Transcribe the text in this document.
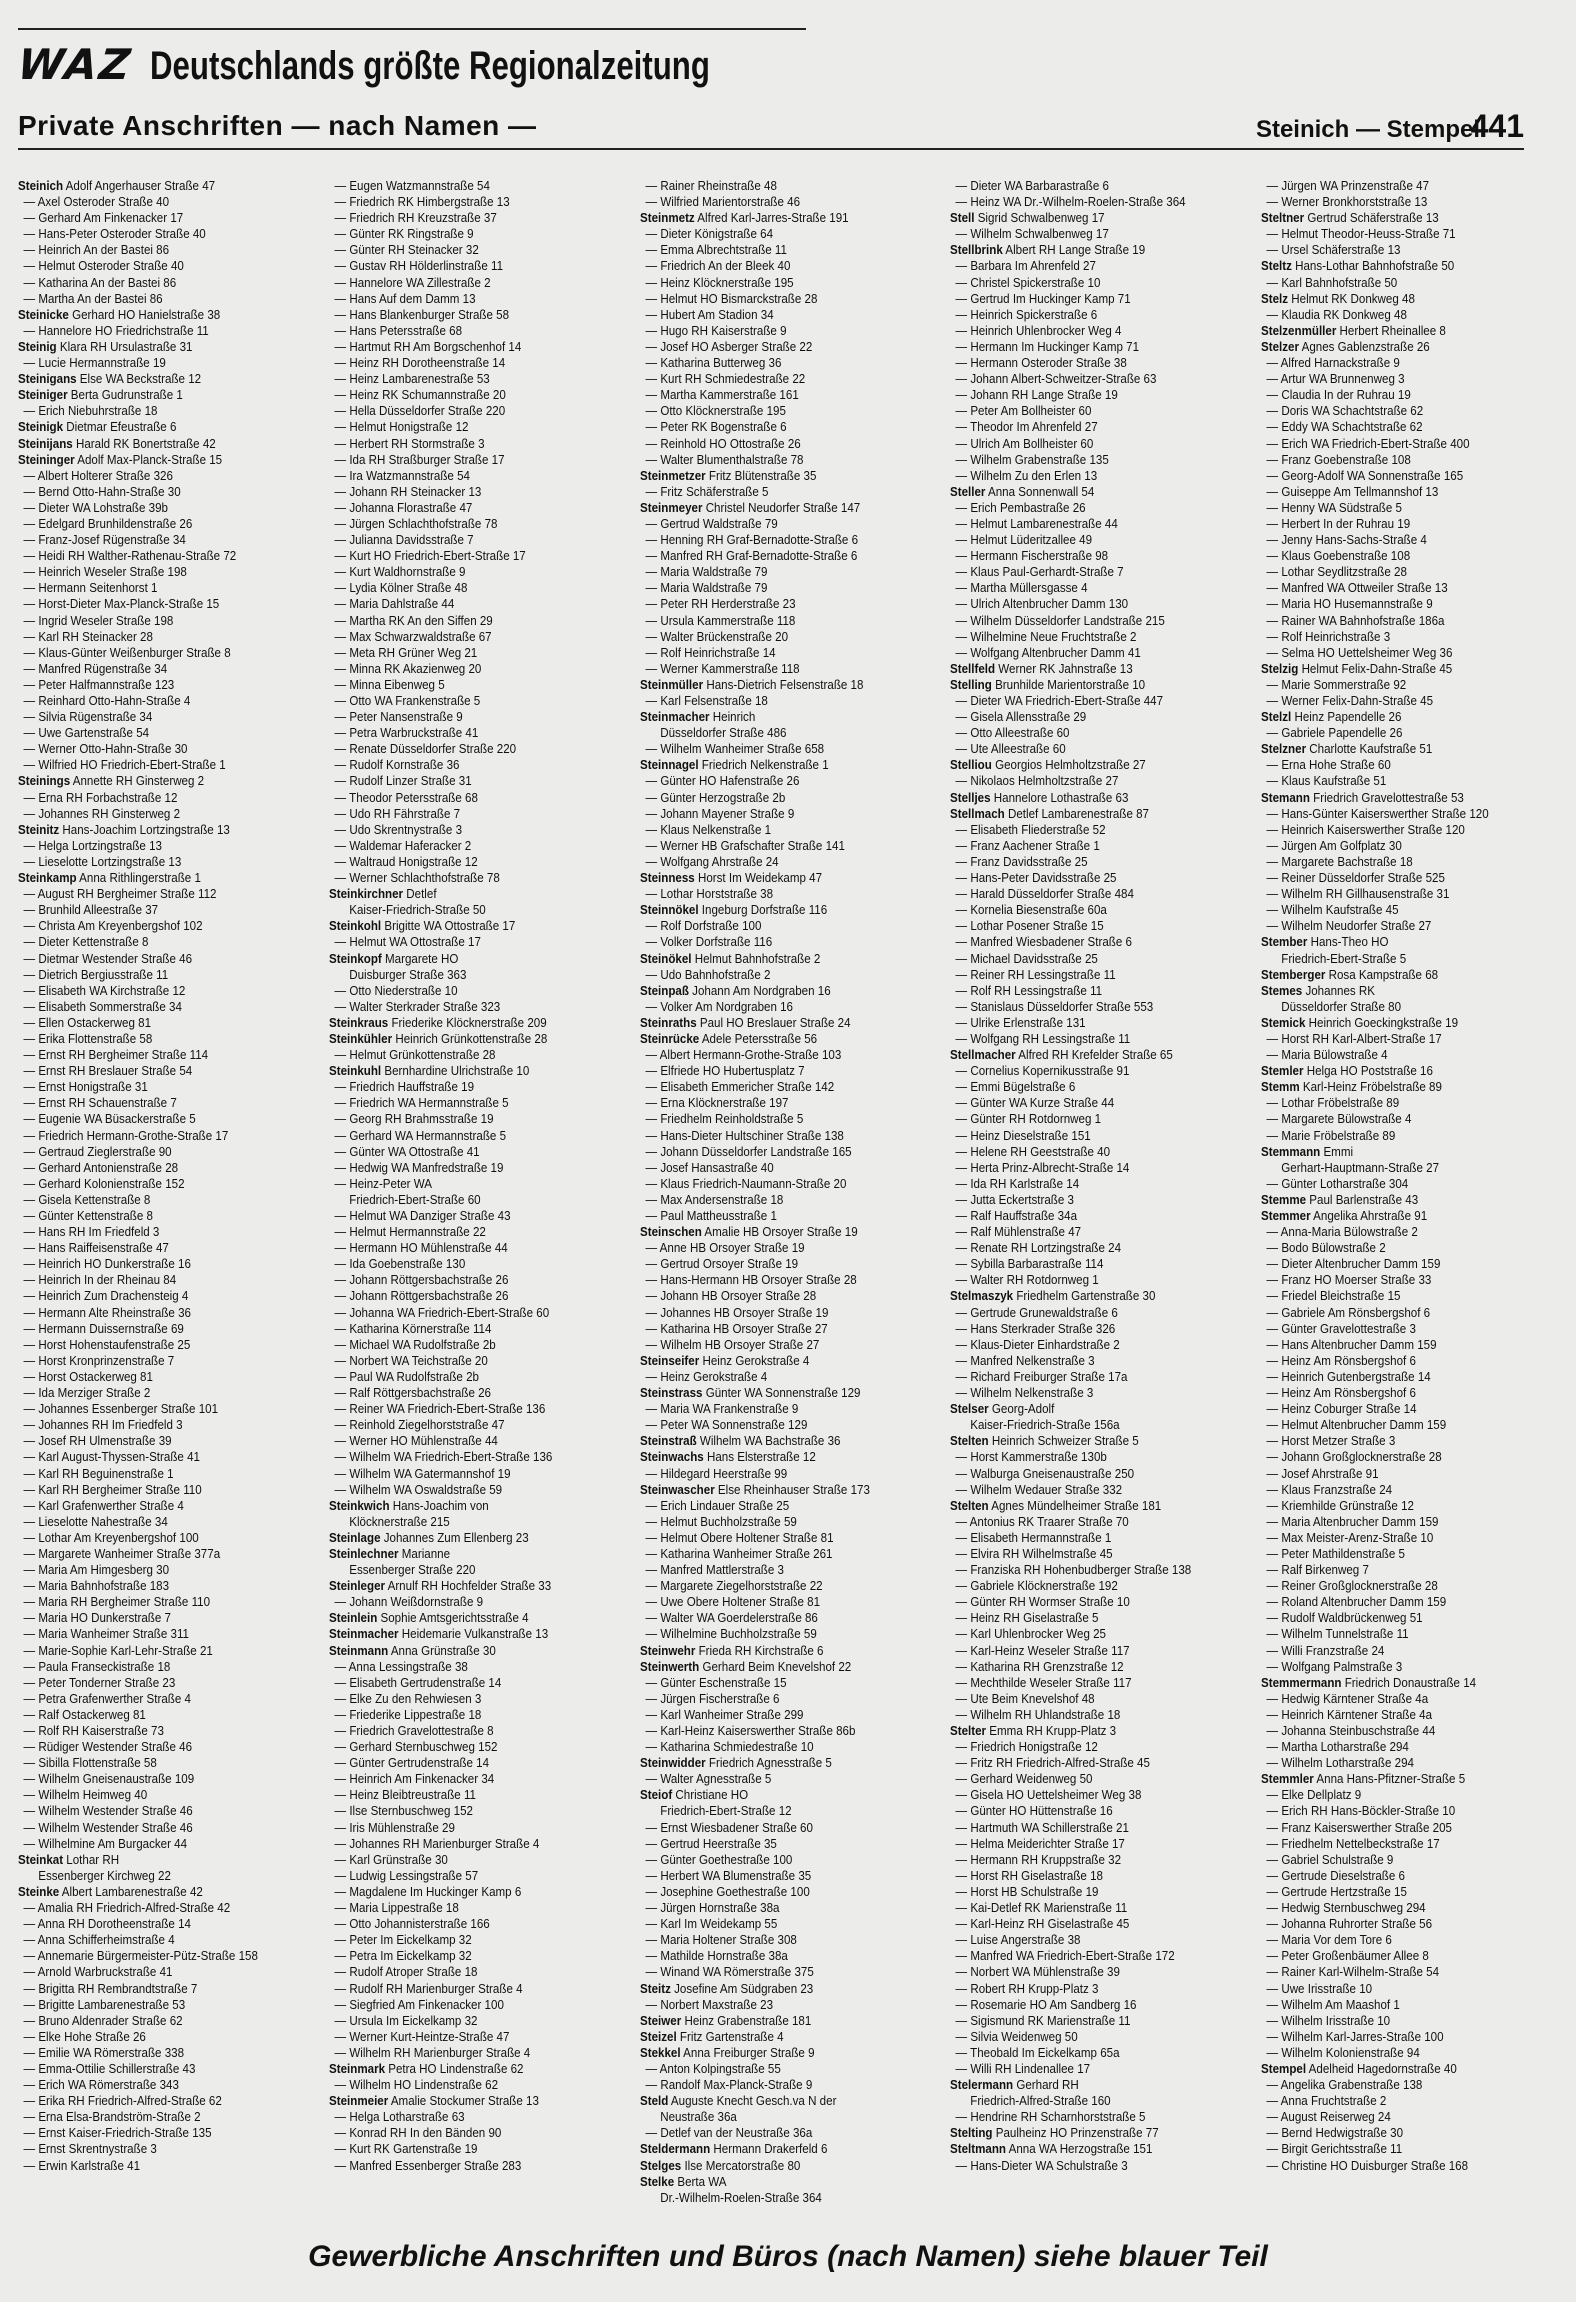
WAZ Deutschlands größte Regionalzeitung
Private Anschriften — nach Namen —	Steinich — Stempel
441
Steinich Adolf Angerhauser Straße 47
— Axel Osteroder Straße 40
— Gerhard Am Finkenacker 17
— Hans-Peter Osteroder Straße 40
— Heinrich An der Bastei 86
— Helmut Osteroder Straße 40
— Katharina An der Bastei 86
— Martha An der Bastei 86
Steinicke Gerhard HO Hanielstraße 38
— Hannelore HO Friedrichstraße 11
Steinig Klara RH Ursulastraße 31
— Lucie Hermannstraße 19
Steinigans Else WA Beckstraße 12
Steiniger Berta Gudrunstraße 1
— Erich Niebuhrstraße 18
Steinigk Dietmar Efeustraße 6
Steinijans Harald RK Bonertstraße 42
Steininger Adolf Max-Planck-Straße 15
— Albert Holterer Straße 326
— Bernd Otto-Hahn-Straße 30
— Dieter WA Lohstraße 39b
— Edelgard Brunhildenstraße 26
— Franz-Josef Rügenstraße 34
— Heidi RH Walther-Rathenau-Straße 72
— Heinrich Weseler Straße 198
— Hermann Seitenhorst 1
— Horst-Dieter Max-Planck-Straße 15
— Ingrid Weseler Straße 198
— Karl RH Steinacker 28
— Klaus-Günter Weißenburger Straße 8
— Manfred Rügenstraße 34
— Peter Halfmannstraße 123
— Reinhard Otto-Hahn-Straße 4
— Silvia Rügenstraße 34
— Uwe Gartenstraße 54
— Werner Otto-Hahn-Straße 30
— Wilfried HO Friedrich-Ebert-Straße 1
Steinings Annette RH Ginsterweg 2
— Erna RH Forbachstraße 12
— Johannes RH Ginsterweg 2
Steinitz Hans-Joachim Lortzingstraße 13
— Helga Lortzingstraße 13
— Lieselotte Lortzingstraße 13
Steinkamp Anna Rithlingerstraße 1
— August RH Bergheimer Straße 112
— Brunhild Alleestraße 37
— Christa Am Kreyenbergshof 102
— Dieter Kettenstraße 8
— Dietmar Westender Straße 46
— Dietrich Bergiusstraße 11
— Elisabeth WA Kirchstraße 12
— Elisabeth Sommerstraße 34
— Ellen Ostackerweg 81
— Erika Flottenstraße 58
— Ernst RH Bergheimer Straße 114
— Ernst RH Breslauer Straße 54
— Ernst Honigstraße 31
— Ernst RH Schauenstraße 7
— Eugenie WA Büsackerstraße 5
— Friedrich Hermann-Grothe-Straße 17
— Gertraud Zieglerstraße 90
— Gerhard Antonienstraße 28
— Gerhard Kolonienstraße 152
— Gisela Kettenstraße 8
— Günter Kettenstraße 8
— Hans RH Im Friedfeld 3
— Hans Raiffeisenstraße 47
— Heinrich HO Dunkerstraße 16
— Heinrich In der Rheinau 84
— Heinrich Zum Drachensteig 4
— Hermann Alte Rheinstraße 36
— Hermann Duissernstraße 69
— Horst Hohenstaufenstraße 25
— Horst Kronprinzenstraße 7
— Horst Ostackerweg 81
— Ida Merziger Straße 2
— Johannes Essenberger Straße 101
— Johannes RH Im Friedfeld 3
— Josef RH Ulmenstraße 39
— Karl August-Thyssen-Straße 41
— Karl RH Beguinenstraße 1
— Karl RH Bergheimer Straße 110
— Karl Grafenwerther Straße 4
— Lieselotte Nahestraße 34
— Lothar Am Kreyenbergshof 100
— Margarete Wanheimer Straße 377a
— Maria Am Himgesberg 30
— Maria Bahnhofstraße 183
— Maria RH Bergheimer Straße 110
— Maria HO Dunkerstraße 7
— Maria Wanheimer Straße 311
— Marie-Sophie Karl-Lehr-Straße 21
— Paula Franseckistraße 18
— Peter Tonderner Straße 23
— Petra Grafenwerther Straße 4
— Ralf Ostackerweg 81
— Rolf RH Kaiserstraße 73
— Rüdiger Westender Straße 46
— Sibilla Flottenstraße 58
— Wilhelm Gneisenaustraße 109
— Wilhelm Heimweg 40
— Wilhelm Westender Straße 46
— Wilhelm Westender Straße 46
— Wilhelmine Am Burgacker 44
Steinkat Lothar RH
Essenberger Kirchweg 22
Steinke Albert Lambarenestraße 42
— Amalia RH Friedrich-Alfred-Straße 42
— Anna RH Dorotheenstraße 14
— Anna Schifferheimstraße 4
— Annemarie Bürgermeister-Pütz-Straße 158
— Arnold Warbruckstraße 41
— Brigitta RH Rembrandtstraße 7
— Brigitte Lambarenestraße 53
— Bruno Aldenrader Straße 62
— Elke Hohe Straße 26
— Emilie WA Römerstraße 338
— Emma-Ottilie Schillerstraße 43
— Erich WA Römerstraße 343
— Erika RH Friedrich-Alfred-Straße 62
— Erna Elsa-Brandström-Straße 2
— Ernst Kaiser-Friedrich-Straße 135
— Ernst Skrentnystraße 3
— Erwin Karlstraße 41
— Eugen Watzmannstraße 54
— Friedrich RK Himbergstraße 13
— Friedrich RH Kreuzstraße 37
— Günter RK Ringstraße 9
— Günter RH Steinacker 32
— Gustav RH Hölderlinstraße 11
— Hannelore WA Zillestraße 2
— Hans Auf dem Damm 13
— Hans Blankenburger Straße 58
— Hans Petersstraße 68
— Hartmut RH Am Borgschenhof 14
— Heinz RH Dorotheenstraße 14
— Heinz Lambarenestraße 53
— Heinz RK Schumannstraße 20
— Hella Düsseldorfer Straße 220
— Helmut Honigstraße 12
— Herbert RH Stormstraße 3
— Ida RH Straßburger Straße 17
— Ira Watzmannstraße 54
— Johann RH Steinacker 13
— Johanna Florastraße 47
— Jürgen Schlachthofstraße 78
— Julianna Davidsstraße 7
— Kurt HO Friedrich-Ebert-Straße 17
— Kurt Waldhornstraße 9
— Lydia Kölner Straße 48
— Maria Dahlstraße 44
— Martha RK An den Siffen 29
— Max Schwarzwaldstraße 67
— Meta RH Grüner Weg 21
— Minna RK Akazienweg 20
— Minna Eibenweg 5
— Otto WA Frankenstraße 5
— Peter Nansenstraße 9
— Petra Warbruckstraße 41
— Renate Düsseldorfer Straße 220
— Rudolf Kornstraße 36
— Rudolf Linzer Straße 31
— Theodor Petersstraße 68
— Udo RH Fährstraße 7
— Udo Skrentnystraße 3
— Waldemar Haferacker 2
— Waltraud Honigstraße 12
— Werner Schlachthofstraße 78
Steinkirchner Detlef
Kaiser-Friedrich-Straße 50
Steinkohl Brigitte WA Ottostraße 17
— Helmut WA Ottostraße 17
Steinkopf Margarete HO
Duisburger Straße 363
— Otto Niederstraße 10
— Walter Sterkrader Straße 323
Steinkraus Friederike Klöcknerstraße 209
Steinkühler Heinrich Grünkottenstraße 28
— Helmut Grünkottenstraße 28
Steinkuhl Bernhardine Ulrichstraße 10
— Friedrich Hauffstraße 19
— Friedrich WA Hermannstraße 5
— Georg RH Brahmsstraße 19
— Gerhard WA Hermannstraße 5
— Günter WA Ottostraße 41
— Hedwig WA Manfredstraße 19
— Heinz-Peter WA
Friedrich-Ebert-Straße 60
— Helmut WA Danziger Straße 43
— Helmut Hermannstraße 22
— Hermann HO Mühlenstraße 44
— Ida Goebenstraße 130
— Johann Röttgersbachstraße 26
— Johann Röttgersbachstraße 26
— Johanna WA Friedrich-Ebert-Straße 60
— Katharina Körnerstraße 114
— Michael WA Rudolfstraße 2b
— Norbert WA Teichstraße 20
— Paul WA Rudolfstraße 2b
— Ralf Röttgersbachstraße 26
— Reiner WA Friedrich-Ebert-Straße 136
— Reinhold Ziegelhorststraße 47
— Werner HO Mühlenstraße 44
— Wilhelm WA Friedrich-Ebert-Straße 136
— Wilhelm WA Gatermannshof 19
— Wilhelm WA Oswaldstraße 59
Steinkwich Hans-Joachim von
Klöcknerstraße 215
Steinlage Johannes Zum Ellenberg 23
Steinlechner Marianne
Essenberger Straße 220
Steinleger Arnulf RH Hochfelder Straße 33
— Johann Weißdornstraße 9
Steinlein Sophie Amtsgerichtsstraße 4
Steinmacher Heidemarie Vulkanstraße 13
Steinmann Anna Grünstraße 30
— Anna Lessingstraße 38
— Elisabeth Gertrudenstraße 14
— Elke Zu den Rehwiesen 3
— Friederike Lippestraße 18
— Friedrich Gravelottestraße 8
— Gerhard Sternbuschweg 152
— Günter Gertrudenstraße 14
— Heinrich Am Finkenacker 34
— Heinz Bleibtreustraße 11
— Ilse Sternbuschweg 152
— Iris Mühlenstraße 29
— Johannes RH Marienburger Straße 4
— Karl Grünstraße 30
— Ludwig Lessingstraße 57
— Magdalene Im Huckinger Kamp 6
— Maria Lippestraße 18
— Otto Johannisterstraße 166
— Peter Im Eickelkamp 32
— Petra Im Eickelkamp 32
— Rudolf Atroper Straße 18
— Rudolf RH Marienburger Straße 4
— Siegfried Am Finkenacker 100
— Ursula Im Eickelkamp 32
— Werner Kurt-Heintze-Straße 47
— Wilhelm RH Marienburger Straße 4
Steinmark Petra HO Lindenstraße 62
— Wilhelm HO Lindenstraße 62
Steinmeier Amalie Stockumer Straße 13
— Helga Lotharstraße 63
— Konrad RH In den Bänden 90
— Kurt RK Gartenstraße 19
— Manfred Essenberger Straße 283
— Rainer Rheinstraße 48
— Wilfried Marientorstraße 46
Steinmetz Alfred Karl-Jarres-Straße 191
— Dieter Königstraße 64
— Emma Albrechtstraße 11
— Friedrich An der Bleek 40
— Heinz Klöcknerstraße 195
— Helmut HO Bismarckstraße 28
— Hubert Am Stadion 34
— Hugo RH Kaiserstraße 9
— Josef HO Asberger Straße 22
— Katharina Butterweg 36
— Kurt RH Schmiedestraße 22
— Martha Kammerstraße 161
— Otto Klöcknerstraße 195
— Peter RK Bogenstraße 6
— Reinhold HO Ottostraße 26
— Walter Blumenthalstraße 78
Steinmetzer Fritz Blütenstraße 35
— Fritz Schäferstraße 5
Steinmeyer Christel Neudorfer Straße 147
— Gertrud Waldstraße 79
— Henning RH Graf-Bernadotte-Straße 6
— Manfred RH Graf-Bernadotte-Straße 6
— Maria Waldstraße 79
— Maria Waldstraße 79
— Peter RH Herderstraße 23
— Ursula Kammerstraße 118
— Walter Brückenstraße 20
— Rolf Heinrichstraße 14
— Werner Kammerstraße 118
Steinmüller Hans-Dietrich Felsenstraße 18
— Karl Felsenstraße 18
Steinmacher Heinrich
Düsseldorfer Straße 486
— Wilhelm Wanheimer Straße 658
Steinnagel Friedrich Nelkenstraße 1
— Günter HO Hafenstraße 26
— Günter Herzogstraße 2b
— Johann Mayener Straße 9
— Klaus Nelkenstraße 1
— Werner HB Grafschafter Straße 141
— Wolfgang Ahrstraße 24
Steinness Horst Im Weidekamp 47
— Lothar Horststraße 38
Steinnökel Ingeburg Dorfstraße 116
— Rolf Dorfstraße 100
— Volker Dorfstraße 116
Steinökel Helmut Bahnhofstraße 2
— Udo Bahnhofstraße 2
Steinpaß Johann Am Nordgraben 16
— Volker Am Nordgraben 16
Steinraths Paul HO Breslauer Straße 24
Steinrücke Adele Petersstraße 56
— Albert Hermann-Grothe-Straße 103
— Elfriede HO Hubertusplatz 7
— Elisabeth Emmericher Straße 142
— Erna Klöcknerstraße 197
— Friedhelm Reinholdstraße 5
— Hans-Dieter Hultschiner Straße 138
— Johann Düsseldorfer Landstraße 165
— Josef Hansastraße 40
— Klaus Friedrich-Naumann-Straße 20
— Max Andersenstraße 18
— Paul Mattheusstraße 1
Steinschen Amalie HB Orsoyer Straße 19
— Anne HB Orsoyer Straße 19
— Gertrud Orsoyer Straße 19
— Hans-Hermann HB Orsoyer Straße 28
— Johann HB Orsoyer Straße 28
— Johannes HB Orsoyer Straße 19
— Katharina HB Orsoyer Straße 27
— Wilhelm HB Orsoyer Straße 27
Steinseifer Heinz Gerokstraße 4
— Heinz Gerokstraße 4
Steinstrass Günter WA Sonnenstraße 129
— Maria WA Frankenstraße 9
— Peter WA Sonnenstraße 129
Steinstraß Wilhelm WA Bachstraße 36
Steinwachs Hans Elsterstraße 12
— Hildegard Heerstraße 99
Steinwascher Else Rheinhauser Straße 173
— Erich Lindauer Straße 25
— Helmut Buchholzstraße 59
— Helmut Obere Holtener Straße 81
— Katharina Wanheimer Straße 261
— Manfred Mattlerstraße 3
— Margarete Ziegelhorststraße 22
— Uwe Obere Holtener Straße 81
— Walter WA Goerdelerstraße 86
— Wilhelmine Buchholzstraße 59
Steinwehr Frieda RH Kirchstraße 6
Steinwerth Gerhard Beim Knevelshof 22
— Günter Eschenstraße 15
— Jürgen Fischerstraße 6
— Karl Wanheimer Straße 299
— Karl-Heinz Kaiserswerther Straße 86b
— Katharina Schmiedestraße 10
Steinwidder Friedrich Agnesstraße 5
— Walter Agnesstraße 5
Steiof Christiane HO
Friedrich-Ebert-Straße 12
— Ernst Wiesbadener Straße 60
— Gertrud Heerstraße 35
— Günter Goethestraße 100
— Herbert WA Blumenstraße 35
— Josephine Goethestraße 100
— Jürgen Hornstraße 38a
— Karl Im Weidekamp 55
— Maria Holtener Straße 308
— Mathilde Hornstraße 38a
— Winand WA Römerstraße 375
Steitz Josefine Am Südgraben 23
— Norbert Maxstraße 23
Steiwer Heinz Grabenstraße 181
Steizel Fritz Gartenstraße 4
Stekkel Anna Freiburger Straße 9
— Anton Kolpingstraße 55
— Randolf Max-Planck-Straße 9
Steld Auguste Knecht Gesch.va N der
Neustraße 36a
— Detlef van der Neustraße 36a
Steldermann Hermann Drakerfeld 6
Stelges Ilse Mercatorstraße 80
Stelke Berta WA
Dr.-Wilhelm-Roelen-Straße 364
— Dieter WA Barbarastraße 6
— Heinz WA Dr.-Wilhelm-Roelen-Straße 364
Stell Sigrid Schwalbenweg 17
— Wilhelm Schwalbenweg 17
Stellbrink Albert RH Lange Straße 19
— Barbara Im Ahrenfeld 27
— Christel Spickerstraße 10
— Gertrud Im Huckinger Kamp 71
— Heinrich Spickerstraße 6
— Heinrich Uhlenbrocker Weg 4
— Hermann Im Huckinger Kamp 71
— Hermann Osteroder Straße 38
— Johann Albert-Schweitzer-Straße 63
— Johann RH Lange Straße 19
— Peter Am Bollheister 60
— Theodor Im Ahrenfeld 27
— Ulrich Am Bollheister 60
— Wilhelm Grabenstraße 135
— Wilhelm Zu den Erlen 13
Steller Anna Sonnenwall 54
— Erich Pembastraße 26
— Helmut Lambarenestraße 44
— Helmut Lüderitzallee 49
— Hermann Fischerstraße 98
— Klaus Paul-Gerhardt-Straße 7
— Martha Müllersgasse 4
— Ulrich Altenbrucher Damm 130
— Wilhelm Düsseldorfer Landstraße 215
— Wilhelmine Neue Fruchtstraße 2
— Wolfgang Altenbrucher Damm 41
Stellfeld Werner RK Jahnstraße 13
Stelling Brunhilde Marientorstraße 10
— Dieter WA Friedrich-Ebert-Straße 447
— Gisela Allensstraße 29
— Otto Alleestraße 60
— Ute Alleestraße 60
Stelliou Georgios Helmholtzstraße 27
— Nikolaos Helmholtzstraße 27
Stelljes Hannelore Lothastraße 63
Stellmach Detlef Lambarenestraße 87
— Elisabeth Fliederstraße 52
— Franz Aachener Straße 1
— Franz Davidsstraße 25
— Hans-Peter Davidsstraße 25
— Harald Düsseldorfer Straße 484
— Kornelia Biesenstraße 60a
— Lothar Posener Straße 15
— Manfred Wiesbadener Straße 6
— Michael Davidsstraße 25
— Reiner RH Lessingstraße 11
— Rolf RH Lessingstraße 11
— Stanislaus Düsseldorfer Straße 553
— Ulrike Erlenstraße 131
— Wolfgang RH Lessingstraße 11
Stellmacher Alfred RH Krefelder Straße 65
— Cornelius Kopernikusstraße 91
— Emmi Bügelstraße 6
— Günter WA Kurze Straße 44
— Günter RH Rotdornweg 1
— Heinz Dieselstraße 151
— Helene RH Geeststraße 40
— Herta Prinz-Albrecht-Straße 14
— Ida RH Karlstraße 14
— Jutta Eckertstraße 3
— Ralf Hauffstraße 34a
— Ralf Mühlenstraße 47
— Renate RH Lortzingstraße 24
— Sybilla Barbarastraße 114
— Walter RH Rotdornweg 1
Stelmaszyk Friedhelm Gartenstraße 30
— Gertrude Grunewaldstraße 6
— Hans Sterkrader Straße 326
— Klaus-Dieter Einhardstraße 2
— Manfred Nelkenstraße 3
— Richard Freiburger Straße 17a
— Wilhelm Nelkenstraße 3
Stelser Georg-Adolf
Kaiser-Friedrich-Straße 156a
Stelten Heinrich Schweizer Straße 5
— Horst Kammerstraße 130b
— Walburga Gneisenaustraße 250
— Wilhelm Wedauer Straße 332
Stelten Agnes Mündelheimer Straße 181
— Antonius RK Traarer Straße 70
— Elisabeth Hermannstraße 1
— Elvira RH Wilhelmstraße 45
— Franziska RH Hohenbudberger Straße 138
— Gabriele Klöcknerstraße 192
— Günter RH Wormser Straße 10
— Heinz RH Giselastraße 5
— Karl Uhlenbrocker Weg 25
— Karl-Heinz Weseler Straße 117
— Katharina RH Grenzstraße 12
— Mechthilde Weseler Straße 117
— Ute Beim Knevelshof 48
— Wilhelm RH Uhlandstraße 18
Stelter Emma RH Krupp-Platz 3
— Friedrich Honigstraße 12
— Fritz RH Friedrich-Alfred-Straße 45
— Gerhard Weidenweg 50
— Gisela HO Uettelsheimer Weg 38
— Günter HO Hüttenstraße 16
— Hartmuth WA Schillerstraße 21
— Helma Meiderichter Straße 17
— Hermann RH Kruppstraße 32
— Horst RH Giselastraße 18
— Horst HB Schulstraße 19
— Kai-Detlef RK Marienstraße 11
— Karl-Heinz RH Giselastraße 45
— Luise Angerstraße 38
— Manfred WA Friedrich-Ebert-Straße 172
— Norbert WA Mühlenstraße 39
— Robert RH Krupp-Platz 3
— Rosemarie HO Am Sandberg 16
— Sigismund RK Marienstraße 11
— Silvia Weidenweg 50
— Theobald Im Eickelkamp 65a
— Willi RH Lindenallee 17
Stelermann Gerhard RH
Friedrich-Alfred-Straße 160
— Hendrine RH Scharnhorststraße 5
Stelting Paulheinz HO Prinzenstraße 77
Steltmann Anna WA Herzogstraße 151
— Hans-Dieter WA Schulstraße 3
— Jürgen WA Prinzenstraße 47
— Werner Bronkhorststraße 13
Steltner Gertrud Schäferstraße 13
— Helmut Theodor-Heuss-Straße 71
— Ursel Schäferstraße 13
Steltz Hans-Lothar Bahnhofstraße 50
— Karl Bahnhofstraße 50
Stelz Helmut RK Donkweg 48
— Klaudia RK Donkweg 48
Stelzenmüller Herbert Rheinallee 8
Stelzer Agnes Gablenzstraße 26
— Alfred Harnackstraße 9
— Artur WA Brunnenweg 3
— Claudia In der Ruhrau 19
— Doris WA Schachtstraße 62
— Eddy WA Schachtstraße 62
— Erich WA Friedrich-Ebert-Straße 400
— Franz Goebenstraße 108
— Georg-Adolf WA Sonnenstraße 165
— Guiseppe Am Tellmannshof 13
— Henny WA Südstraße 5
— Herbert In der Ruhrau 19
— Jenny Hans-Sachs-Straße 4
— Klaus Goebenstraße 108
— Lothar Seydlitzstraße 28
— Manfred WA Ottweiler Straße 13
— Maria HO Husemannstraße 9
— Rainer WA Bahnhofstraße 186a
— Rolf Heinrichstraße 3
— Selma HO Uettelsheimer Weg 36
Stelzig Helmut Felix-Dahn-Straße 45
— Marie Sommerstraße 92
— Werner Felix-Dahn-Straße 45
Stelzl Heinz Papendelle 26
— Gabriele Papendelle 26
Stelzner Charlotte Kaufstraße 51
— Erna Hohe Straße 60
— Klaus Kaufstraße 51
Stemann Friedrich Gravelottestraße 53
— Hans-Günter Kaiserswerther Straße 120
— Heinrich Kaiserswerther Straße 120
— Jürgen Am Golfplatz 30
— Margarete Bachstraße 18
— Reiner Düsseldorfer Straße 525
— Wilhelm RH Gillhausenstraße 31
— Wilhelm Kaufstraße 45
— Wilhelm Neudorfer Straße 27
Stember Hans-Theo HO
Friedrich-Ebert-Straße 5
Stemberger Rosa Kampstraße 68
Stemes Johannes RK
Düsseldorfer Straße 80
Stemick Heinrich Goeckingkstraße 19
— Horst RH Karl-Albert-Straße 17
— Maria Bülowstraße 4
Stemler Helga HO Poststraße 16
Stemm Karl-Heinz Fröbelstraße 89
— Lothar Fröbelstraße 89
— Margarete Bülowstraße 4
— Marie Fröbelstraße 89
Stemmann Emmi
Gerhart-Hauptmann-Straße 27
— Günter Lotharstraße 304
Stemme Paul Barlenstraße 43
Stemmer Angelika Ahrstraße 91
— Anna-Maria Bülowstraße 2
— Bodo Bülowstraße 2
— Dieter Altenbrucher Damm 159
— Franz HO Moerser Straße 33
— Friedel Bleichstraße 15
— Gabriele Am Rönsbergshof 6
— Günter Gravelottestraße 3
— Hans Altenbrucher Damm 159
— Heinz Am Rönsbergshof 6
— Heinrich Gutenbergstraße 14
— Heinz Am Rönsbergshof 6
— Heinz Coburger Straße 14
— Helmut Altenbrucher Damm 159
— Horst Metzer Straße 3
— Johann Großglocknerstraße 28
— Josef Ahrstraße 91
— Klaus Franzstraße 24
— Kriemhilde Grünstraße 12
— Maria Altenbrucher Damm 159
— Max Meister-Arenz-Straße 10
— Peter Mathildenstraße 5
— Ralf Birkenweg 7
— Reiner Großglocknerstraße 28
— Roland Altenbrucher Damm 159
— Rudolf Waldbrückenweg 51
— Wilhelm Tunnelstraße 11
— Willi Franzstraße 24
— Wolfgang Palmstraße 3
Stemmermann Friedrich Donaustraße 14
— Hedwig Kärntener Straße 4a
— Heinrich Kärntener Straße 4a
— Johanna Steinbuschstraße 44
— Martha Lotharstraße 294
— Wilhelm Lotharstraße 294
Stemmler Anna Hans-Pfitzner-Straße 5
— Elke Dellplatz 9
— Erich RH Hans-Böckler-Straße 10
— Franz Kaiserswerther Straße 205
— Friedhelm Nettelbeckstraße 17
— Gabriel Schulstraße 9
— Gertrude Dieselstraße 6
— Gertrude Hertzstraße 15
— Hedwig Sternbuschweg 294
— Johanna Ruhrorter Straße 56
— Maria Vor dem Tore 6
— Peter Großenbäumer Allee 8
— Rainer Karl-Wilhelm-Straße 54
— Uwe Irisstraße 10
— Wilhelm Am Maashof 1
— Wilhelm Irisstraße 10
— Wilhelm Karl-Jarres-Straße 100
— Wilhelm Kolonienstraße 94
Stempel Adelheid Hagedornstraße 40
— Angelika Grabenstraße 138
— Anna Fruchtstraße 2
— August Reiserweg 24
— Bernd Hedwigstraße 30
— Birgit Gerichtsstraße 11
— Christine HO Duisburger Straße 168
Gewerbliche Anschriften und Büros (nach Namen) siehe blauer Teil
